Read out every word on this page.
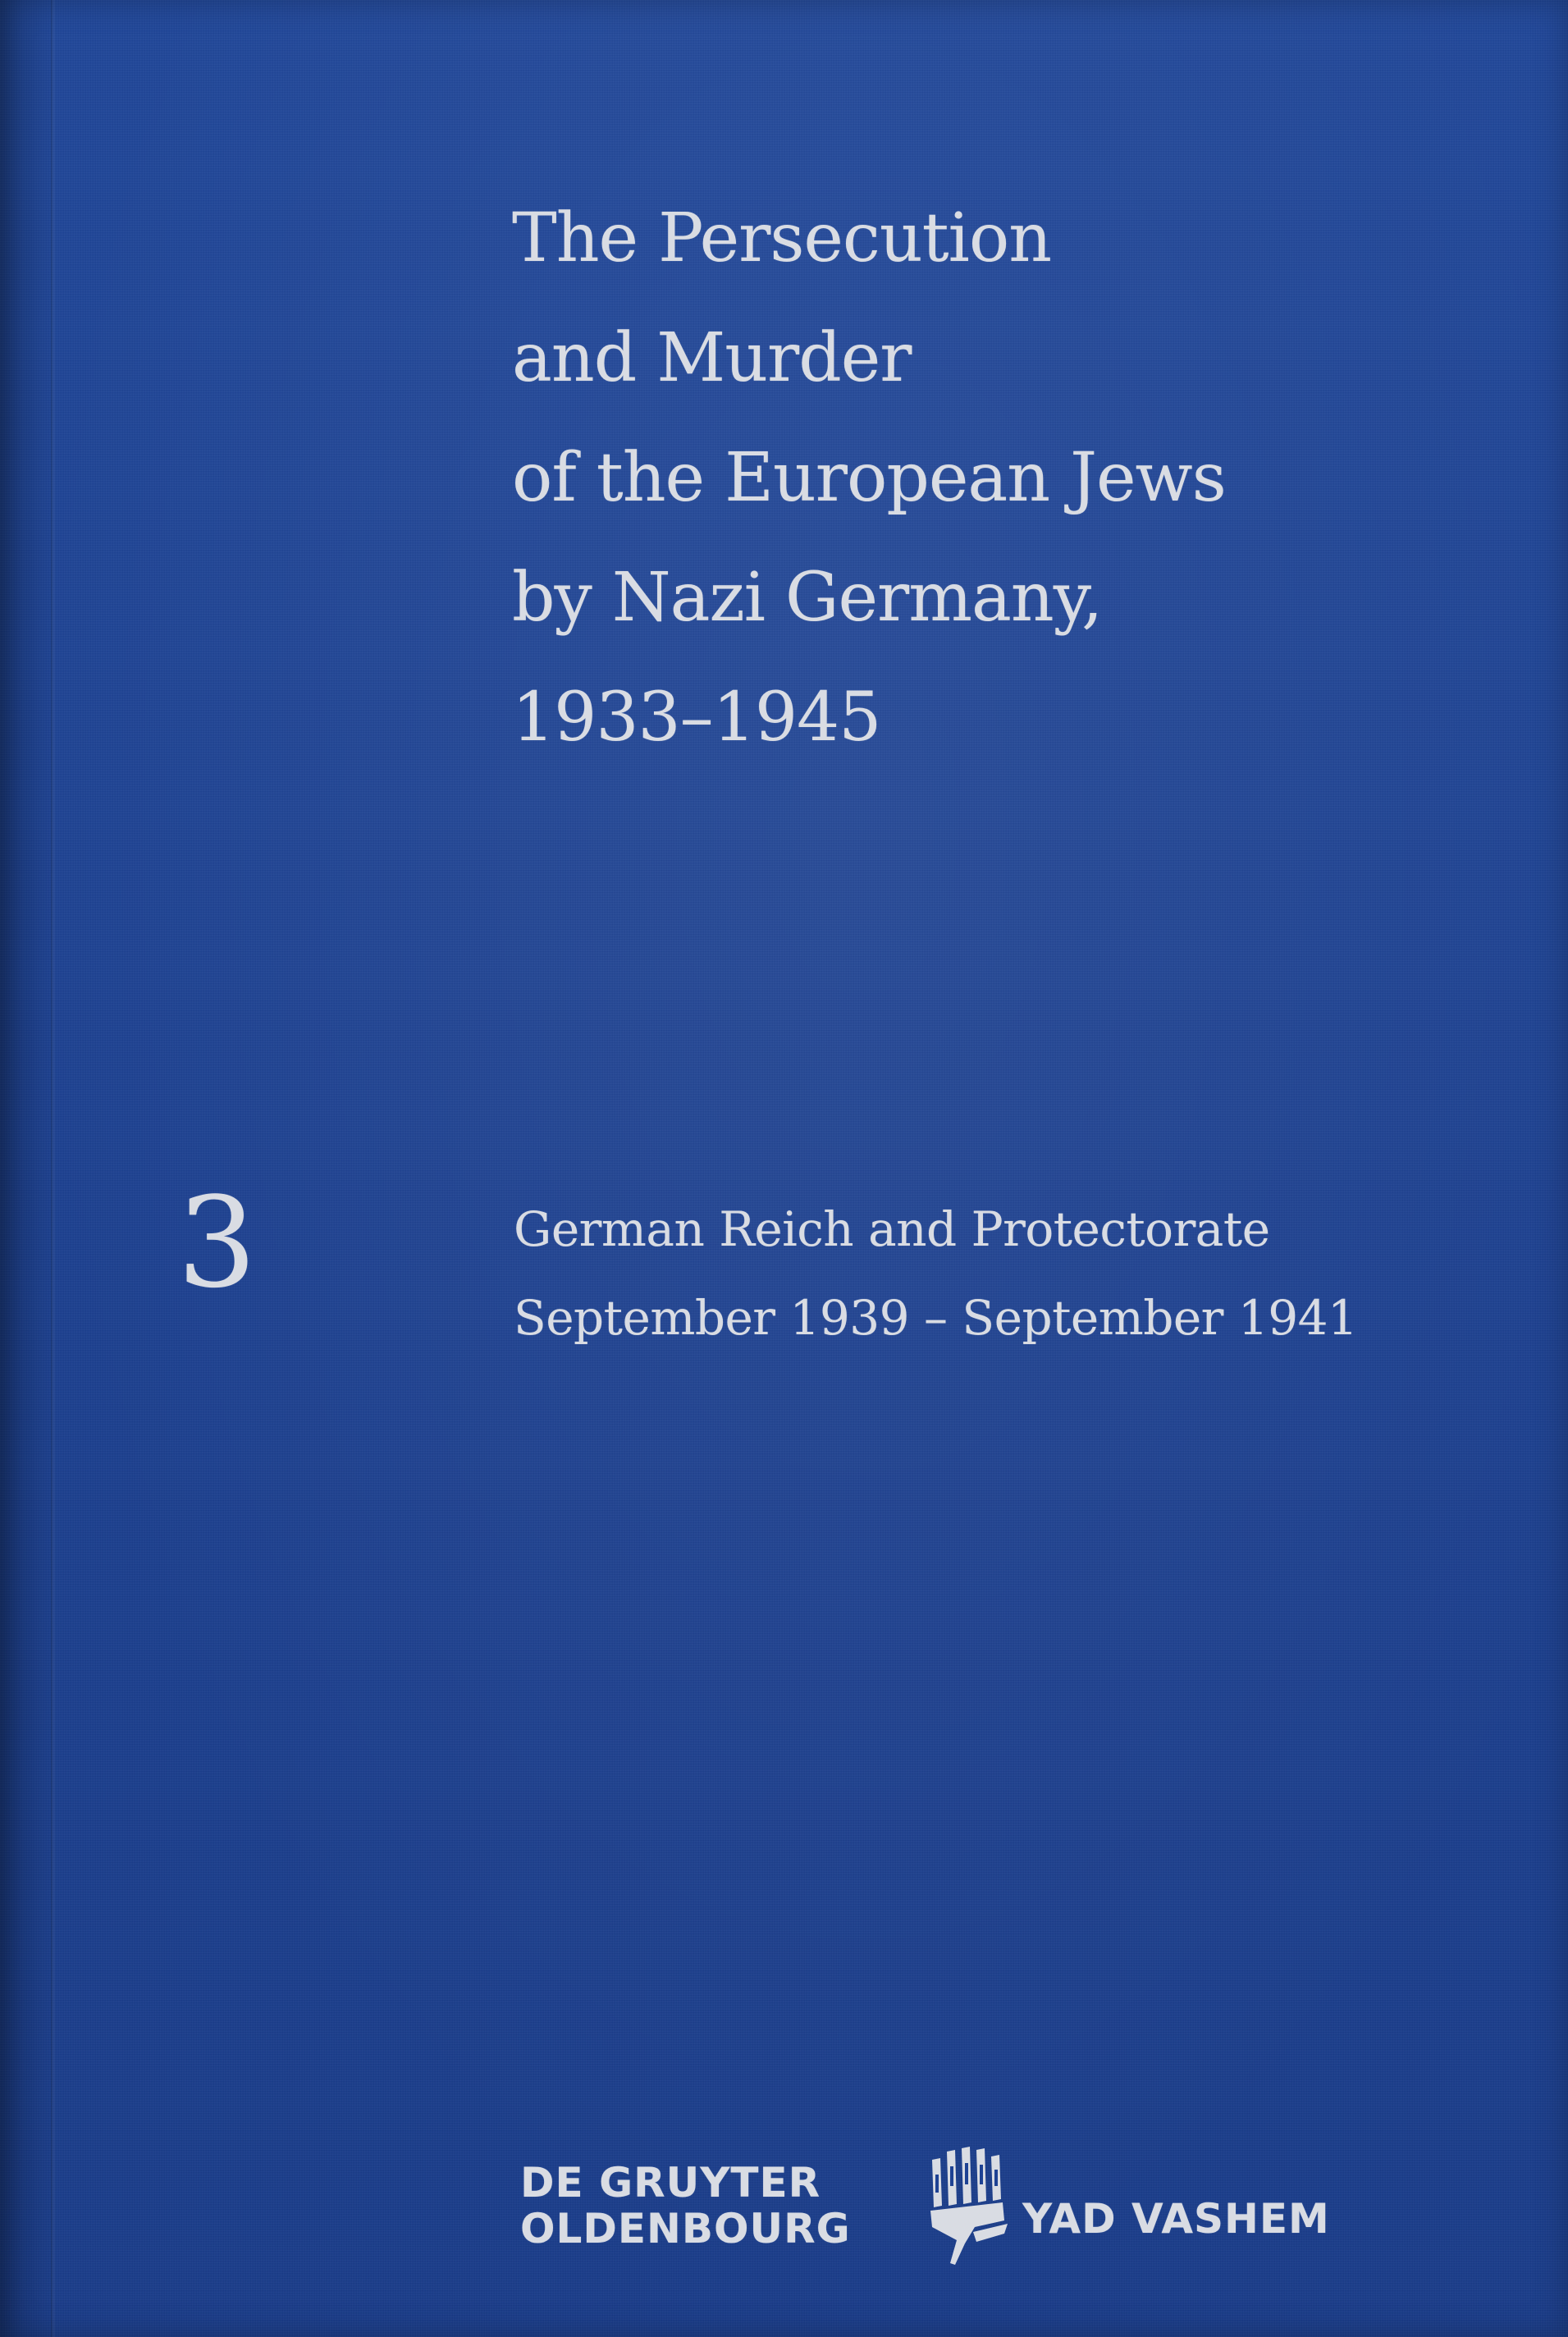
The Persecution
and Murder
of the European Jews
by Nazi Germany,
1933–1945
3	German Reich and Protectorate
September 1939 – September 1941
DE GRUYTER
OLDENBOURG	YAD VASHEM
